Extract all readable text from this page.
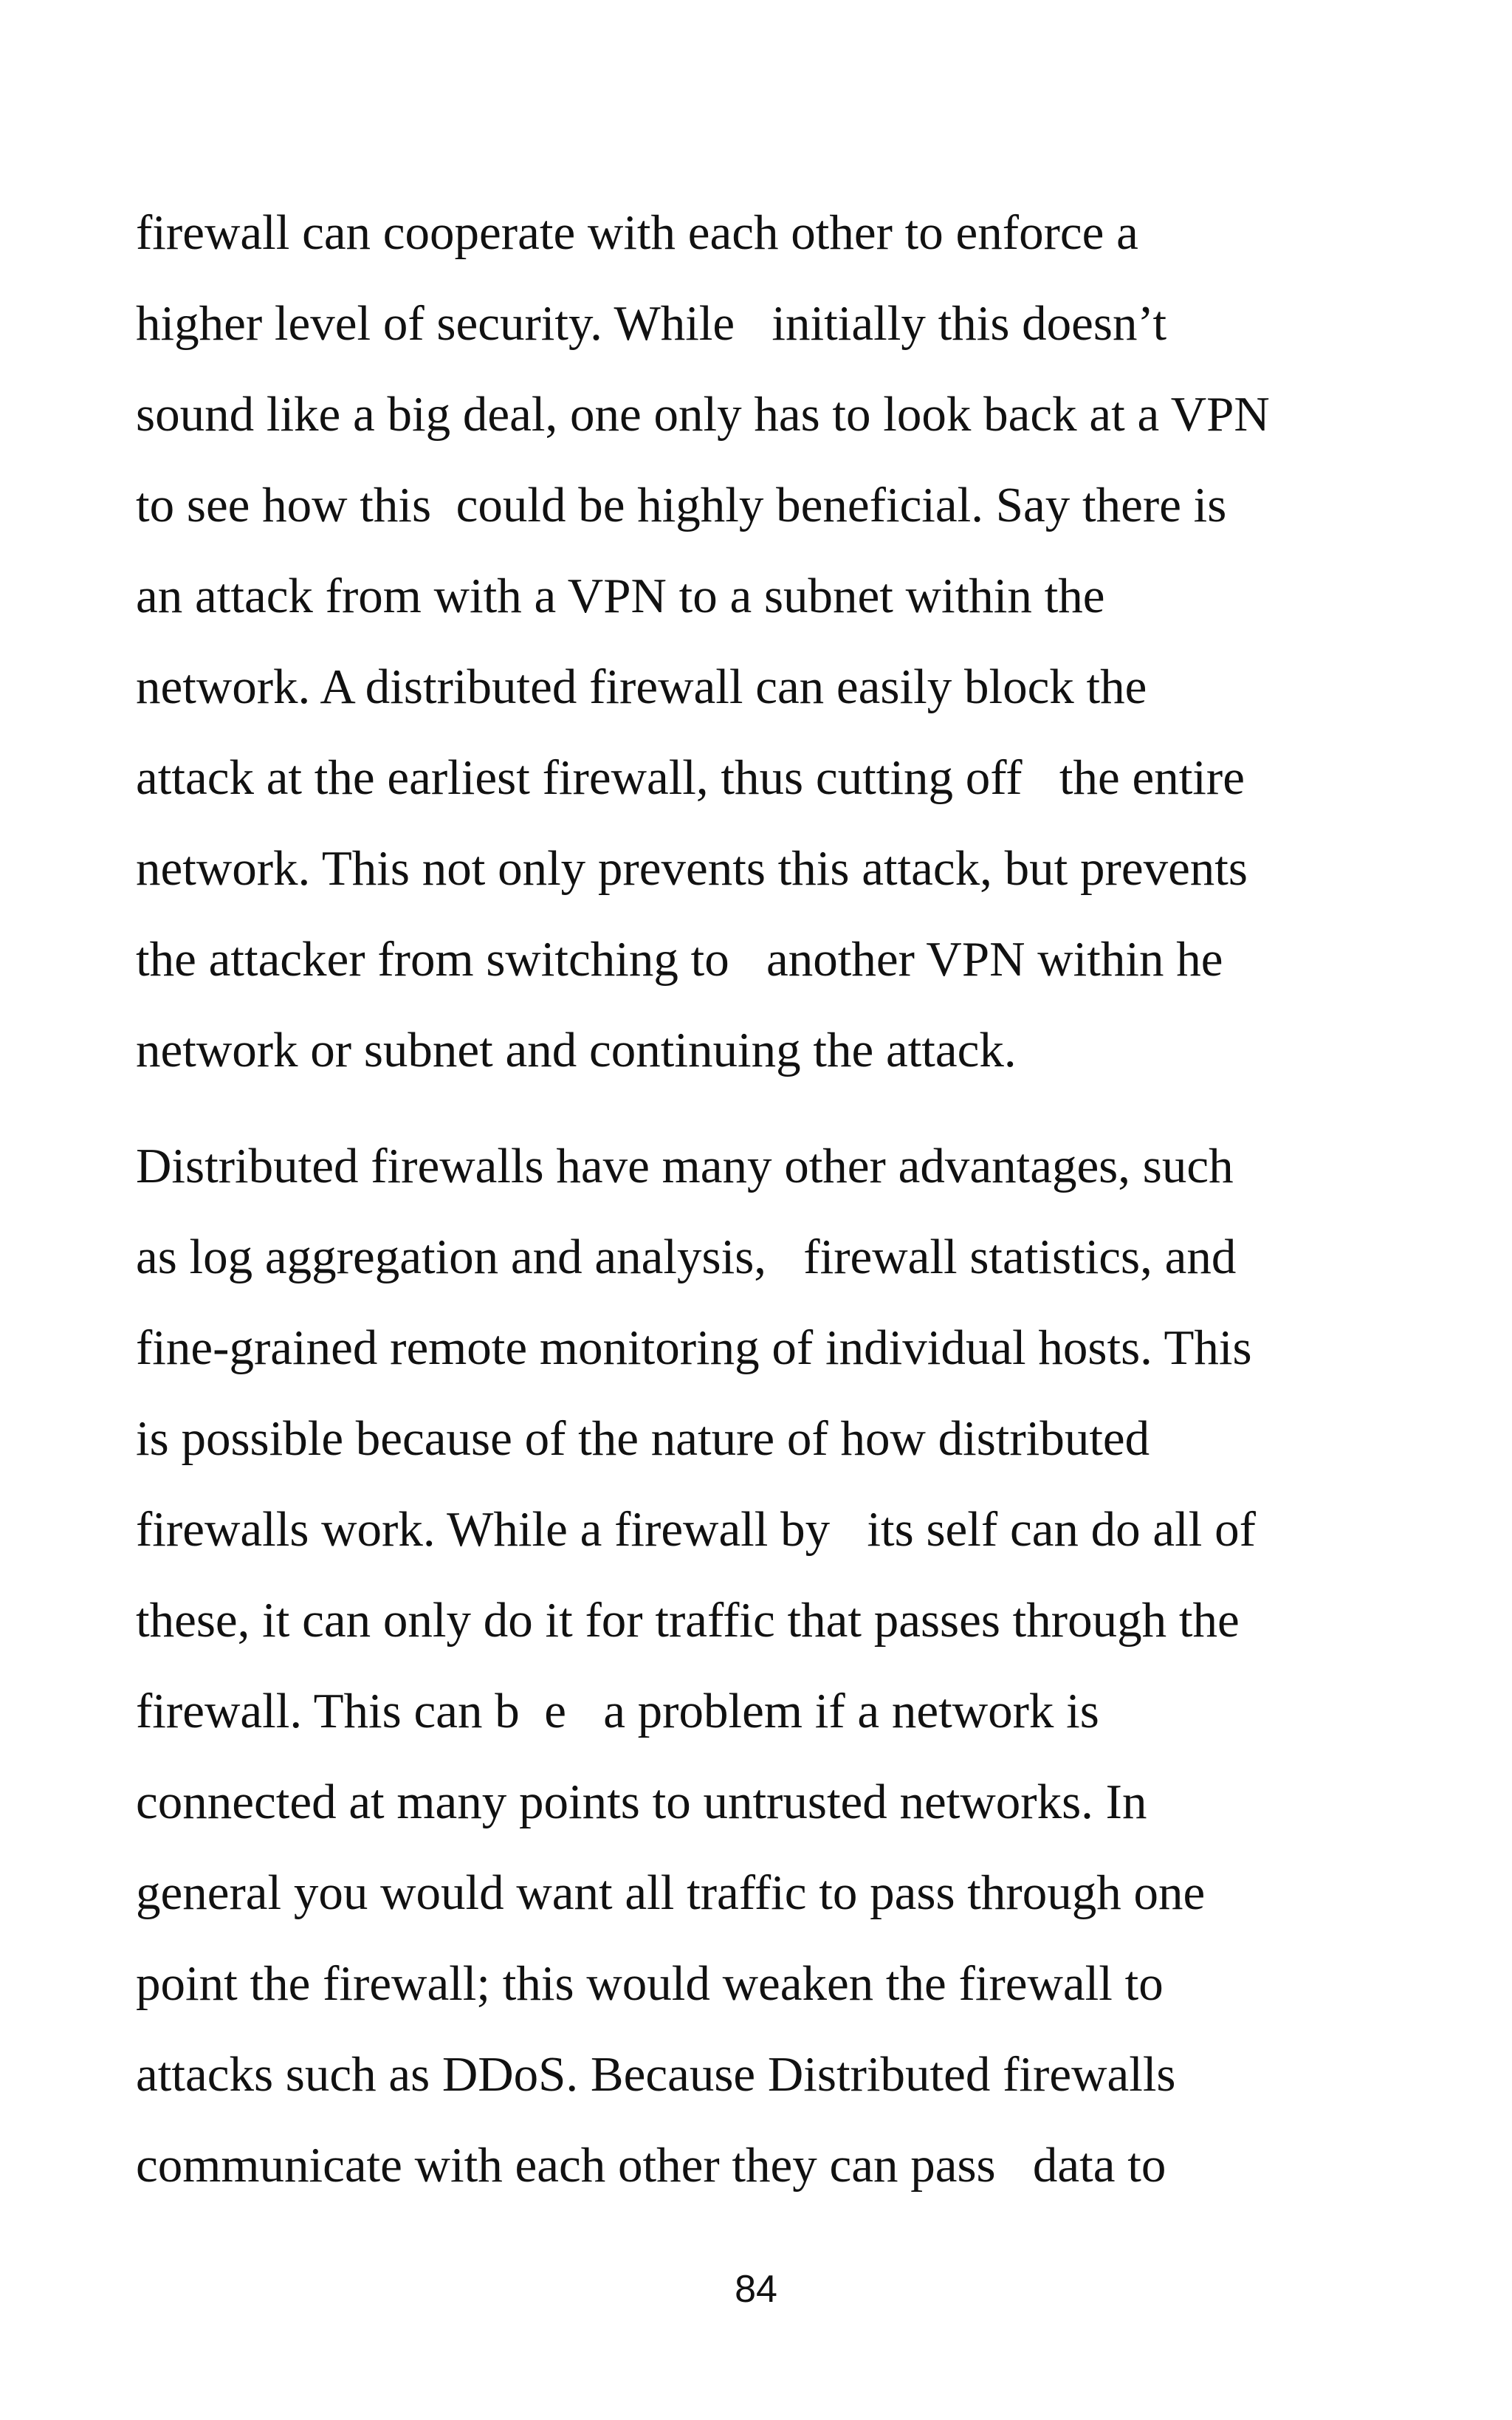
firewall can cooperate with each other to enforce a
higher level of security. While   initially this doesn’t
sound like a big deal, one only has to look back at a VPN
to see how this  could be highly beneficial. Say there is
an attack from with a VPN to a subnet within the
network. A distributed firewall can easily block the
attack at the earliest firewall, thus cutting off   the entire
network. This not only prevents this attack, but prevents
the attacker from switching to   another VPN within he
network or subnet and continuing the attack.
Distributed firewalls have many other advantages, such
as log aggregation and analysis,   firewall statistics, and
fine-grained remote monitoring of individual hosts. This
is possible because of the nature of how distributed
firewalls work. While a firewall by   its self can do all of
these, it can only do it for traffic that passes through the
firewall. This can b  e   a problem if a network is
connected at many points to untrusted networks. In
general you would want all traffic to pass through one
point the firewall; this would weaken the firewall to
attacks such as DDoS. Because Distributed firewalls
communicate with each other they can pass   data to
84
